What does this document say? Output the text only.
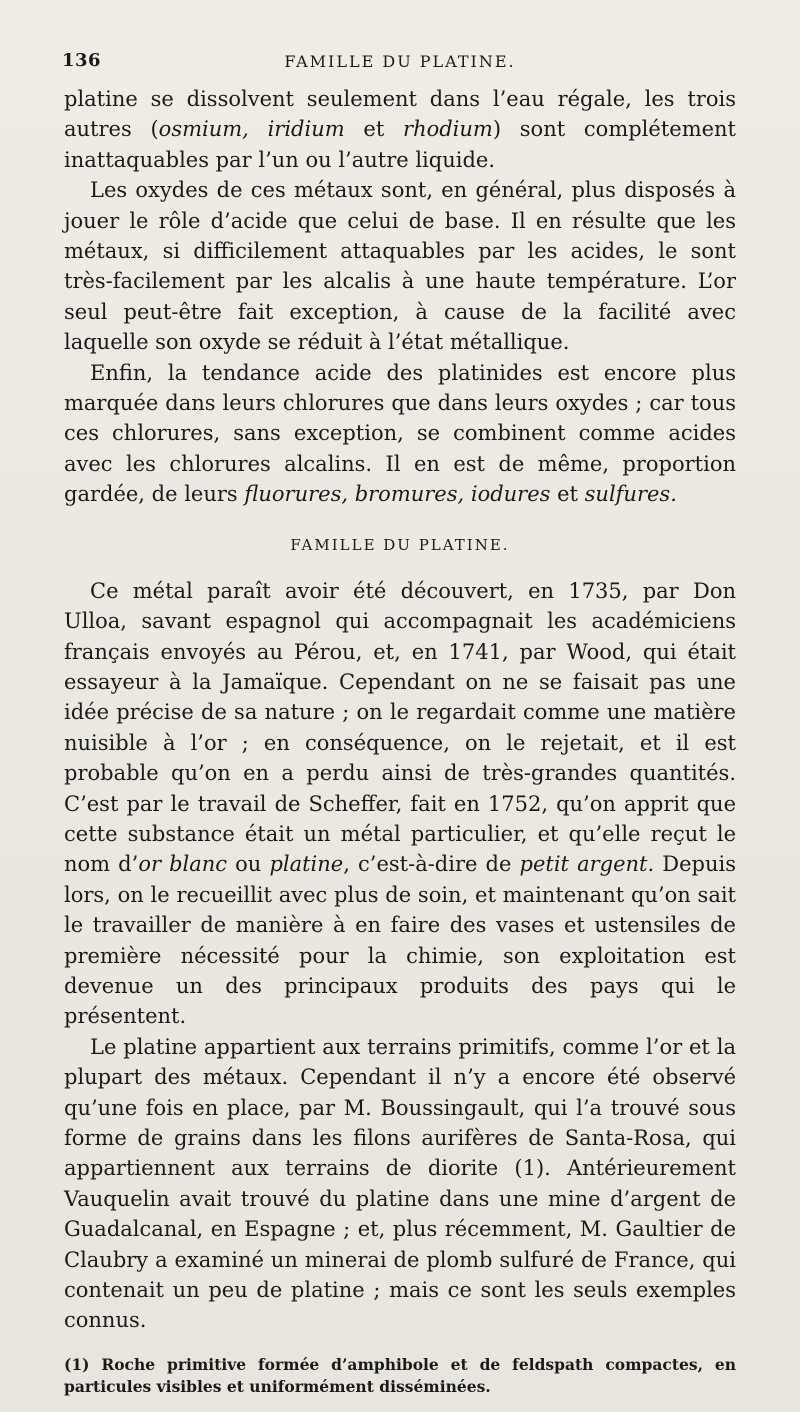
136	FAMILLE DU PLATINE.

platine se dissolvent seulement dans l’eau régale, les trois autres (osmium, iridium et rhodium) sont complétement inattaquables par l’un ou l’autre liquide.

Les oxydes de ces métaux sont, en général, plus disposés à jouer le rôle d’acide que celui de base. Il en résulte que les métaux, si difficilement attaquables par les acides, le sont très-facilement par les alcalis à une haute température. L’or seul peut-être fait exception, à cause de la facilité avec laquelle son oxyde se réduit à l’état métallique.

Enfin, la tendance acide des platinides est encore plus marquée dans leurs chlorures que dans leurs oxydes ; car tous ces chlorures, sans exception, se combinent comme acides avec les chlorures alcalins. Il en est de même, proportion gardée, de leurs fluorures, bromures, iodures et sulfures.

FAMILLE DU PLATINE.

Ce métal paraît avoir été découvert, en 1735, par Don Ulloa, savant espagnol qui accompagnait les académiciens français envoyés au Pérou, et, en 1741, par Wood, qui était essayeur à la Jamaïque. Cependant on ne se faisait pas une idée précise de sa nature ; on le regardait comme une matière nuisible à l’or ; en conséquence, on le rejetait, et il est probable qu’on en a perdu ainsi de très-grandes quantités. C’est par le travail de Scheffer, fait en 1752, qu’on apprit que cette substance était un métal particulier, et qu’elle reçut le nom d’or blanc ou platine, c’est-à-dire de petit argent. Depuis lors, on le recueillit avec plus de soin, et maintenant qu’on sait le travailler de manière à en faire des vases et ustensiles de première nécessité pour la chimie, son exploitation est devenue un des principaux produits des pays qui le présentent.

Le platine appartient aux terrains primitifs, comme l’or et la plupart des métaux. Cependant il n’y a encore été observé qu’une fois en place, par M. Boussingault, qui l’a trouvé sous forme de grains dans les filons aurifères de Santa-Rosa, qui appartiennent aux terrains de diorite (1). Antérieurement Vauquelin avait trouvé du platine dans une mine d’argent de Guadalcanal, en Espagne ; et, plus récemment, M. Gaultier de Claubry a examiné un minerai de plomb sulfuré de France, qui contenait un peu de platine ; mais ce sont les seuls exemples connus.

(1) Roche primitive formée d’amphibole et de feldspath compactes, en particules visibles et uniformément disséminées.
